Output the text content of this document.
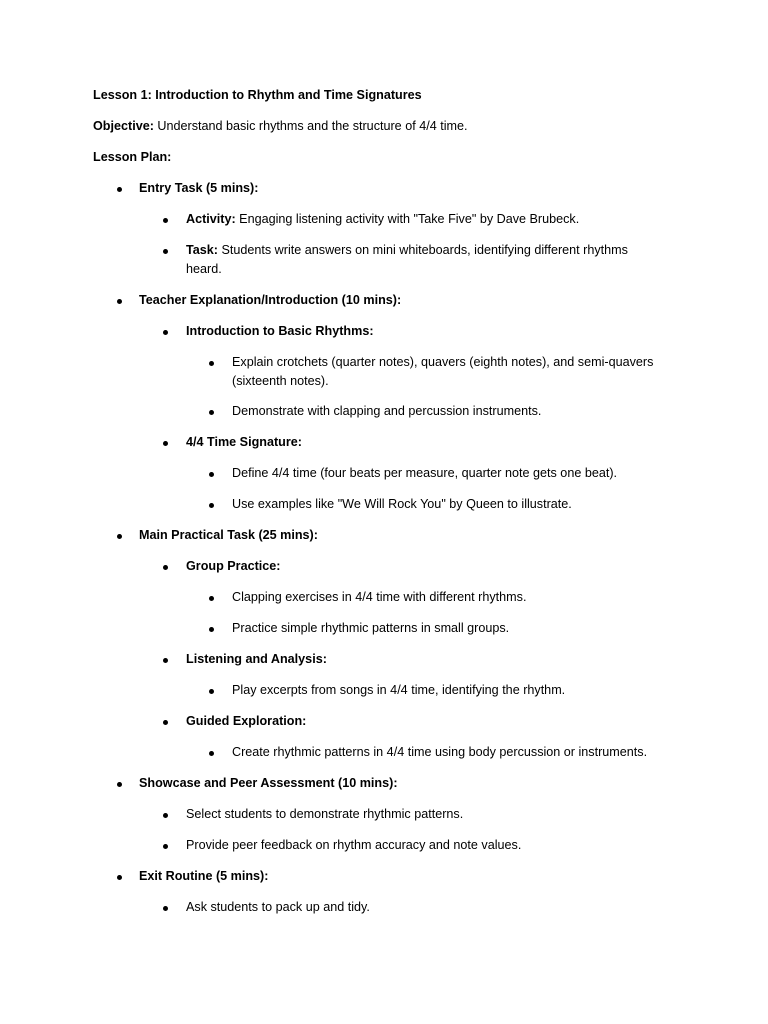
Lesson 1: Introduction to Rhythm and Time Signatures
Objective: Understand basic rhythms and the structure of 4/4 time.
Lesson Plan:
Entry Task (5 mins):
Activity: Engaging listening activity with "Take Five" by Dave Brubeck.
Task: Students write answers on mini whiteboards, identifying different rhythms
heard.
Teacher Explanation/Introduction (10 mins):
Introduction to Basic Rhythms:
Explain crotchets (quarter notes), quavers (eighth notes), and semi-quavers
(sixteenth notes).
Demonstrate with clapping and percussion instruments.
4/4 Time Signature:
Define 4/4 time (four beats per measure, quarter note gets one beat).
Use examples like "We Will Rock You" by Queen to illustrate.
Main Practical Task (25 mins):
Group Practice:
Clapping exercises in 4/4 time with different rhythms.
Practice simple rhythmic patterns in small groups.
Listening and Analysis:
Play excerpts from songs in 4/4 time, identifying the rhythm.
Guided Exploration:
Create rhythmic patterns in 4/4 time using body percussion or instruments.
Showcase and Peer Assessment (10 mins):
Select students to demonstrate rhythmic patterns.
Provide peer feedback on rhythm accuracy and note values.
Exit Routine (5 mins):
Ask students to pack up and tidy.
